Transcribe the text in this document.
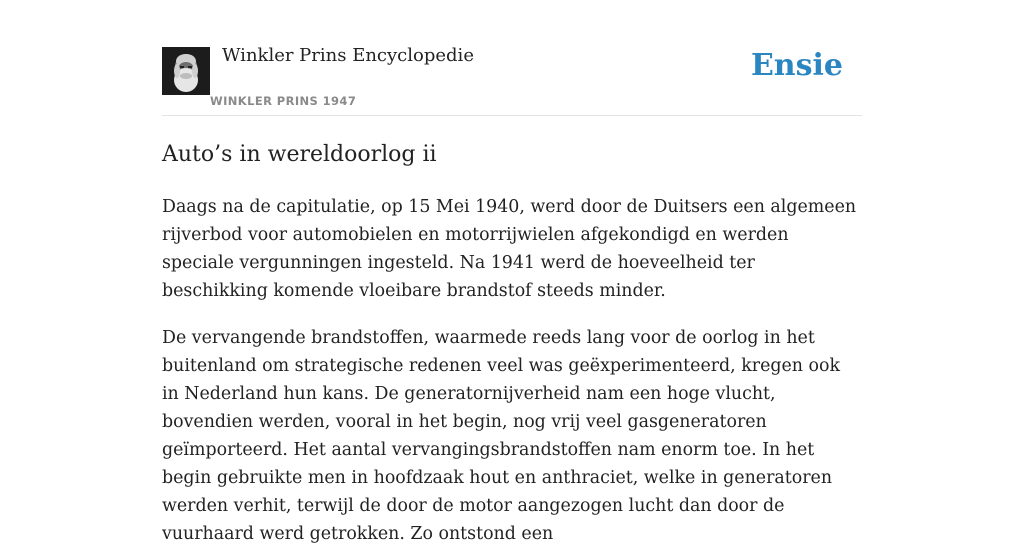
Winkler Prins Encyclopedie
WINKLER PRINS 1947
Ensie
Auto’s in wereldoorlog ii

Daags na de capitulatie, op 15 Mei 1940, werd door de Duitsers een algemeen rijverbod voor automobielen en motorrijwielen afgekondigd en werden speciale vergunningen ingesteld. Na 1941 werd de hoeveelheid ter beschikking komende vloeibare brandstof steeds minder.

De vervangende brandstoffen, waarmede reeds lang voor de oorlog in het buitenland om strategische redenen veel was geëxperimenteerd, kregen ook in Nederland hun kans. De generatornijverheid nam een hoge vlucht, bovendien werden, vooral in het begin, nog vrij veel gasgeneratoren geïmporteerd. Het aantal vervangingsbrandstoffen nam enorm toe. In het begin gebruikte men in hoofdzaak hout en anthraciet, welke in generatoren werden verhit, terwijl de door de motor aangezogen lucht dan door de vuurhaard werd getrokken. Zo ontstond een
